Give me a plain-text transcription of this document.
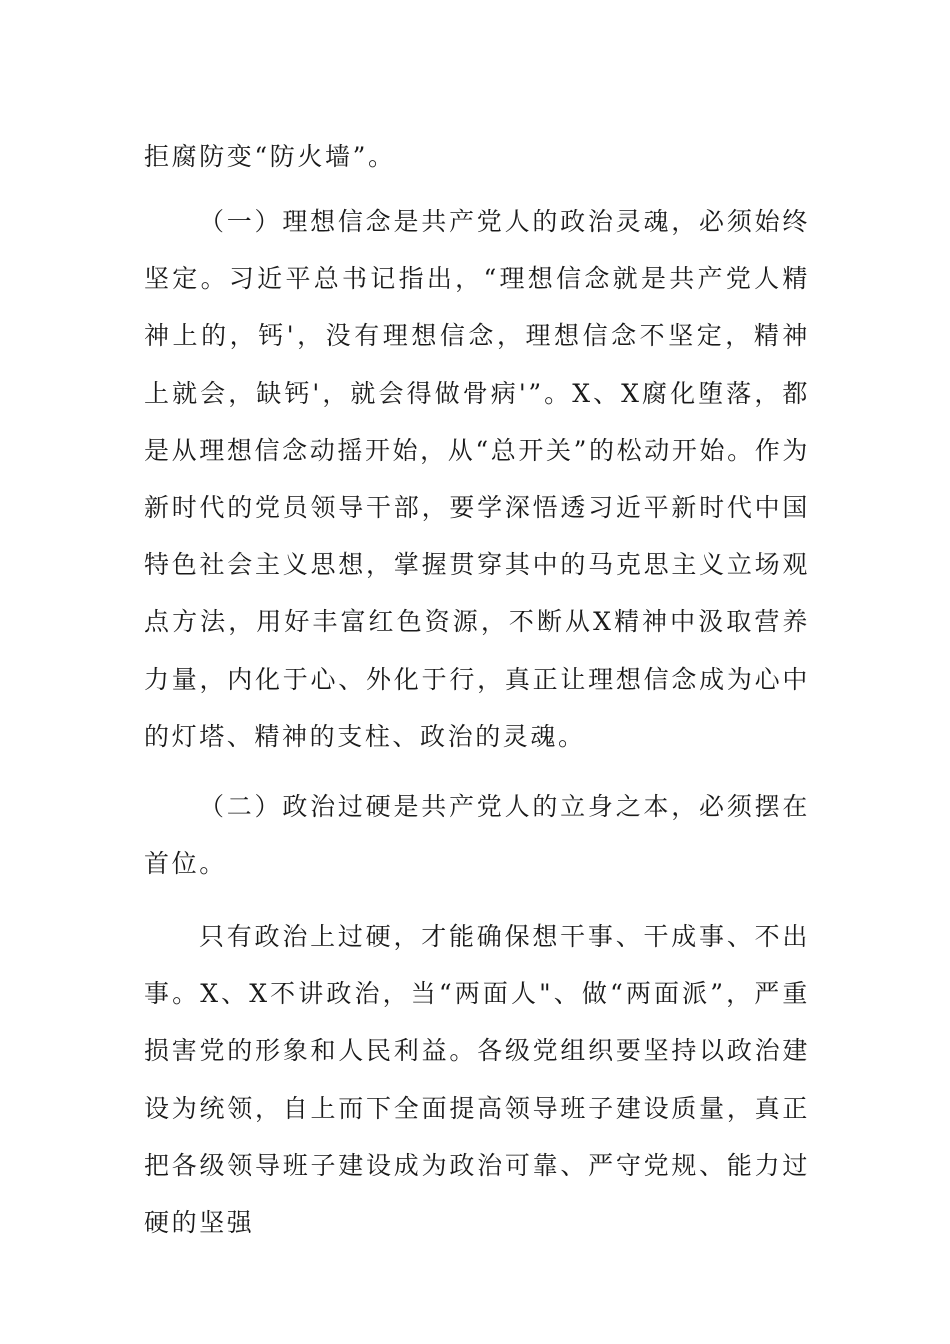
拒腐防变“防火墙”。

（一）理想信念是共产党人的政治灵魂，必须始终坚定。习近平总书记指出，“理想信念就是共产党人精神上的，钙'，没有理想信念，理想信念不坚定，精神上就会，缺钙'，就会得做骨病'”。X、X腐化堕落，都是从理想信念动摇开始，从“总开关”的松动开始。作为新时代的党员领导干部，要学深悟透习近平新时代中国特色社会主义思想，掌握贯穿其中的马克思主义立场观点方法，用好丰富红色资源，不断从X精神中汲取营养力量，内化于心、外化于行，真正让理想信念成为心中的灯塔、精神的支柱、政治的灵魂。

（二）政治过硬是共产党人的立身之本，必须摆在首位。

只有政治上过硬，才能确保想干事、干成事、不出事。X、X不讲政治，当“两面人"、做“两面派”，严重损害党的形象和人民利益。各级党组织要坚持以政治建设为统领，自上而下全面提高领导班子建设质量，真正把各级领导班子建设成为政治可靠、严守党规、能力过硬的坚强
